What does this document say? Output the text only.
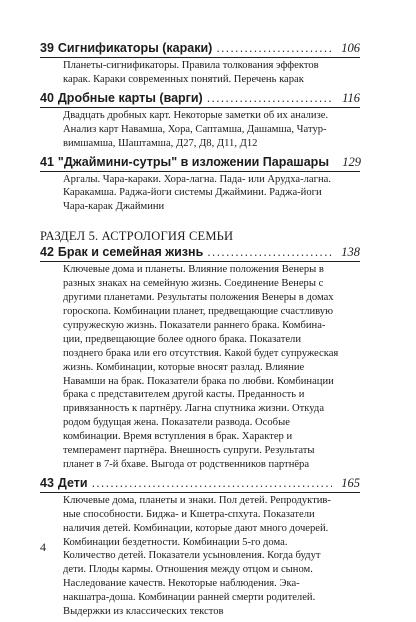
39 Сигнификаторы (караки) .....	106
Планеты-сигнификаторы. Правила толкования эффектов
карак. Караки современных понятий. Перечень карак
40 Дробные карты (варги) .....	116
Двадцать дробных карт. Некоторые заметки об их анализе.
Анализ карт Навамша, Хора, Саптамша, Дашамша, Чатур-
вимшамша, Шаштамша, Д27, Д8, Д11, Д12
41 "Джаймини-сутры" в изложении Парашары 129
Аргалы. Чара-караки. Хора-лагна. Пада- или Арудха-лагна.
Каракамша. Раджа-йоги системы Джаймини. Раджа-йоги
Чара-карак Джаймини
РАЗДЕЛ 5. АСТРОЛОГИЯ СЕМЬИ
42 Брак и семейная жизнь .....	138
Ключевые дома и планеты. Влияние положения Венеры в
разных знаках на семейную жизнь. Соединение Венеры с
другими планетами. Результаты положения Венеры в домах
гороскопа. Комбинации планет, предвещающие счастливую
супружескую жизнь. Показатели раннего брака. Комбина-
ции, предвещающие более одного брака. Показатели
позднего брака или его отсутствия. Какой будет супружеская
жизнь. Комбинации, которые вносят разлад. Влияние
Навамши на брак. Показатели брака по любви. Комбинации
брака с представителем другой касты. Преданность и
привязанность к партнёру. Лагна спутника жизни. Откуда
родом будущая жена. Показатели развода. Особые
комбинации. Время вступления в брак. Характер и
темперамент партнёра. Внешность супруги. Результаты
планет в 7-й бхаве. Выгода от родственников партнёра
43 Дети .....	165
Ключевые дома, планеты и знаки. Пол детей. Репродуктив-
ные способности. Биджа- и Кшетра-спхута. Показатели
наличия детей. Комбинации, которые дают много дочерей.
Комбинации бездетности. Комбинации 5-го дома.
Количество детей. Показатели усыновления. Когда будут
дети. Плоды кармы. Отношения между отцом и сыном.
Наследование качеств. Некоторые наблюдения. Эка-
накшатра-доша. Комбинации ранней смерти родителей.
Выдержки из классических текстов
4
